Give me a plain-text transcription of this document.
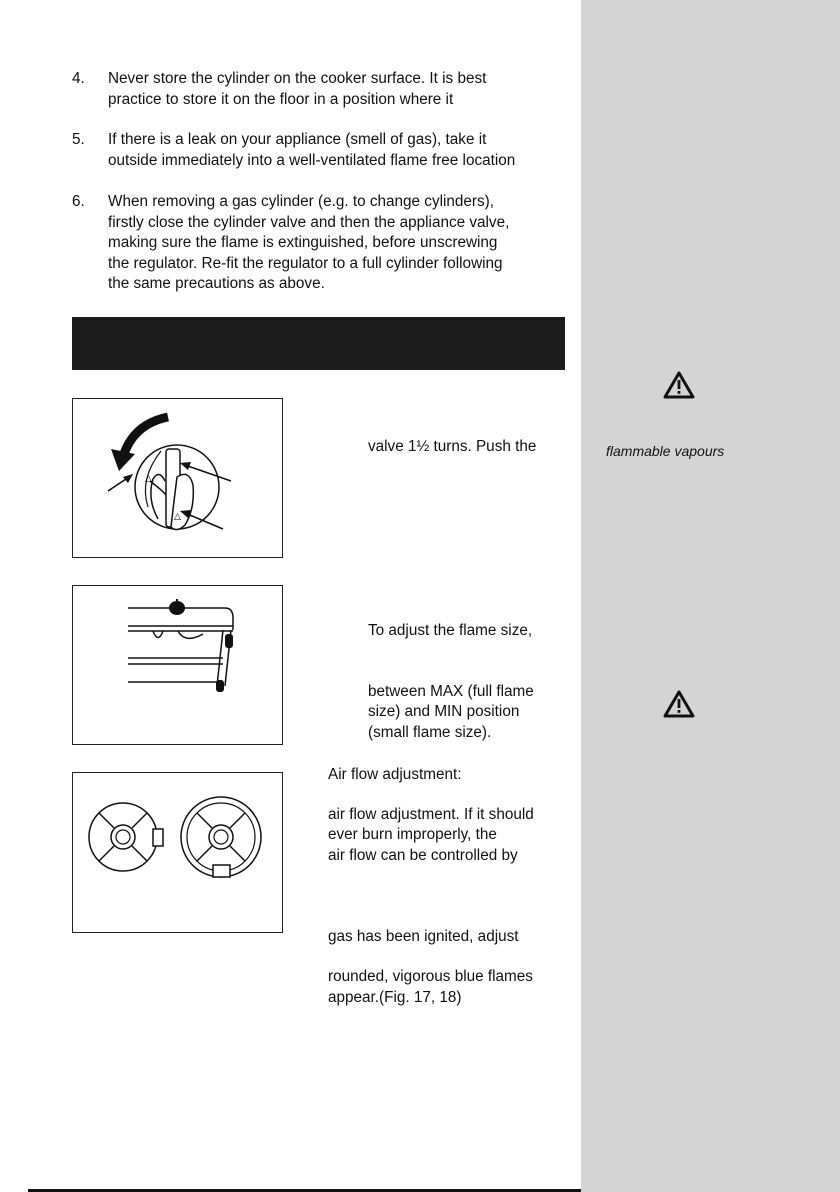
4.	Never store the cylinder on the cooker surface. It is best
practice to store it on the floor in a position where it
5.	If there is a leak on your appliance (smell of gas), take it
outside immediately into a well-ventilated flame free location
6.	When removing a gas cylinder (e.g. to change cylinders),
firstly close the cylinder valve and then the appliance valve,
making sure the flame is extinguished, before unscrewing
the regulator. Re-fit the regulator to a full cylinder following
the same precautions as above.
△
△
valve 1½ turns. Push the
To adjust the flame size,
between MAX (full flame
size) and MIN position
(small flame size).
Air flow adjustment:
air flow adjustment. If it should
ever burn improperly, the
air flow can be controlled by
gas has been ignited, adjust
rounded, vigorous blue flames
appear.(Fig. 17, 18)
flammable vapours
